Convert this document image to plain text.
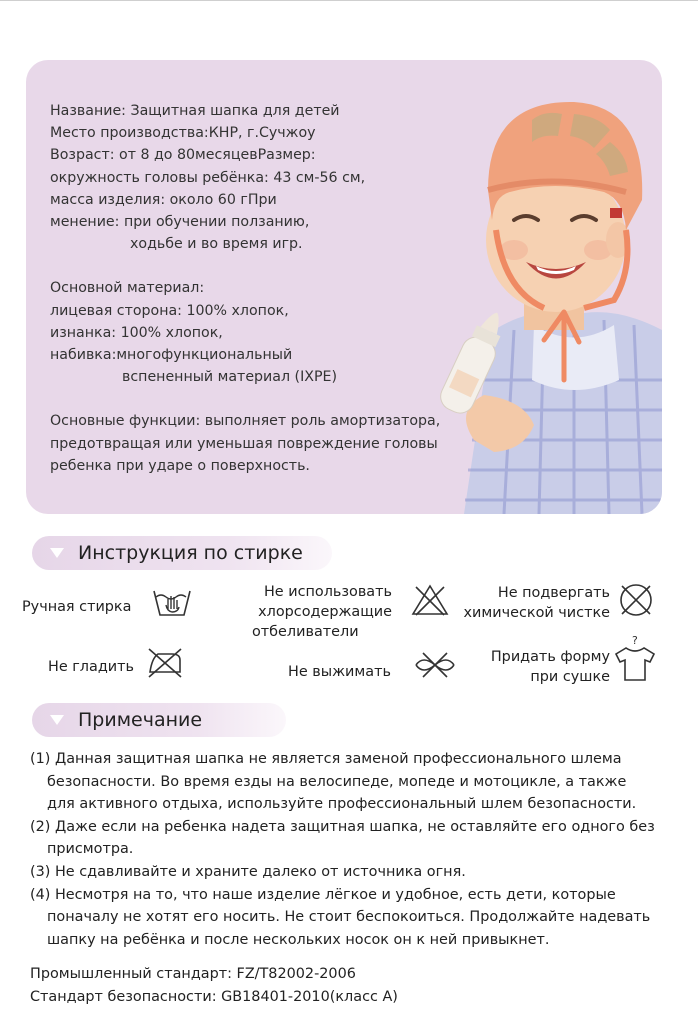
Название: Защитная шапка для детей

Место производства:КНР, г.Сучжоу

Возраст: от 8 до 80месяцевРазмер:

окружность головы ребёнка: 43 см-56 см,

масса изделия: около 60 гПри

менение: при обучении ползанию,

ходьбе и во время игр.

Основной материал:

лицевая сторона: 100% хлопок,

изнанка: 100% хлопок,

набивка:многофункциональный

вспененный материал (IXPE)

Основные функции: выполняет роль амортизатора,

предотвращая или уменьшая повреждение головы

ребенка при ударе о поверхность.

Инструкция по стирке
Ручная стирка
Не использовать
хлорсодержащие
отбеливатели
Не подвергать
химической чистке
Не гладить	Не выжимать
Придать форму
при сушке
?
Примечание
(1) Данная защитная шапка не является заменой профессионального шлема
безопасности. Во время езды на велосипеде, мопеде и мотоцикле, а также
для активного отдыха, используйте профессиональный шлем безопасности.
(2) Даже если на ребенка надета защитная шапка, не оставляйте его одного без
присмотра.
(3) Не сдавливайте и храните далеко от источника огня.
(4) Несмотря на то, что наше изделие лёгкое и удобное, есть дети, которые
поначалу не хотят его носить. Не стоит беспокоиться. Продолжайте надевать
шапку на ребёнка и после нескольких носок он к ней привыкнет.
Промышленный стандарт: FZ/T82002-2006
Стандарт безопасности: GB18401-2010(класс А)
